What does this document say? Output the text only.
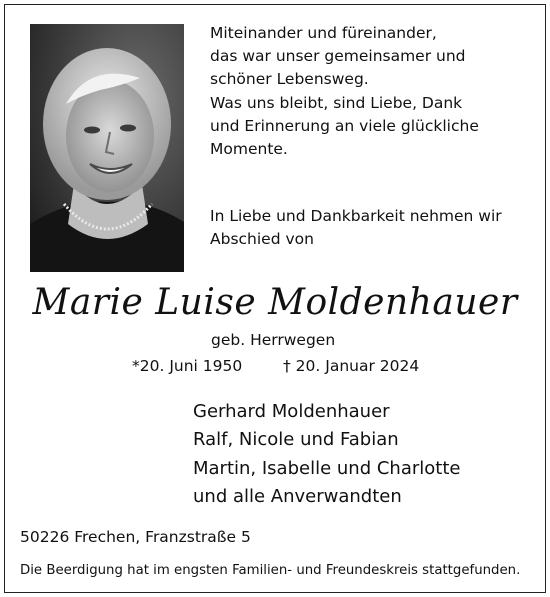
Miteinander und füreinander,
das war unser gemeinsamer und
schöner Lebensweg.
Was uns bleibt, sind Liebe, Dank
und Erinnerung an viele glückliche
Momente.
In Liebe und Dankbarkeit nehmen wir
Abschied von
Marie Luise Moldenhauer
geb. Herrwegen
*20. Juni 1950	† 20. Januar 2024
Gerhard Moldenhauer
Ralf, Nicole und Fabian
Martin, Isabelle und Charlotte
und alle Anverwandten
50226 Frechen, Franzstraße 5
Die Beerdigung hat im engsten Familien- und Freundeskreis stattgefunden.
